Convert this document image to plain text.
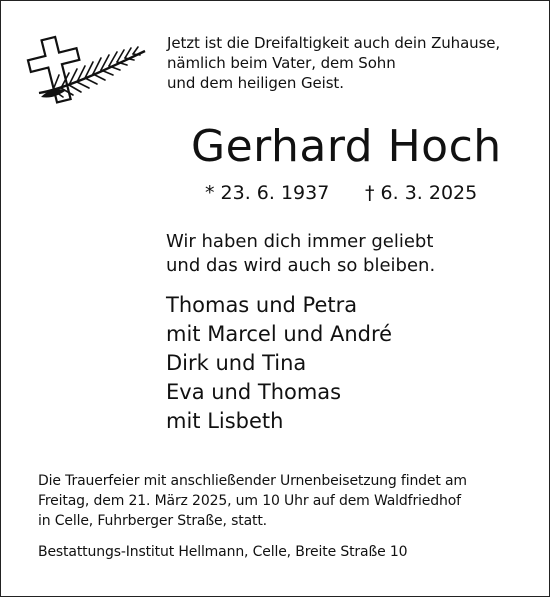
Jetzt ist die Dreifaltigkeit auch dein Zuhause,
nämlich beim Vater, dem Sohn
und dem heiligen Geist.
Gerhard Hoch
* 23. 6. 1937 † 6. 3. 2025
Wir haben dich immer geliebt
und das wird auch so bleiben.
Thomas und Petra
mit Marcel und André
Dirk und Tina
Eva und Thomas
mit Lisbeth
Die Trauerfeier mit anschließender Urnenbeisetzung findet am
Freitag, dem 21. März 2025, um 10 Uhr auf dem Waldfriedhof
in Celle, Fuhrberger Straße, statt.
Bestattungs-Institut Hellmann, Celle, Breite Straße 10
